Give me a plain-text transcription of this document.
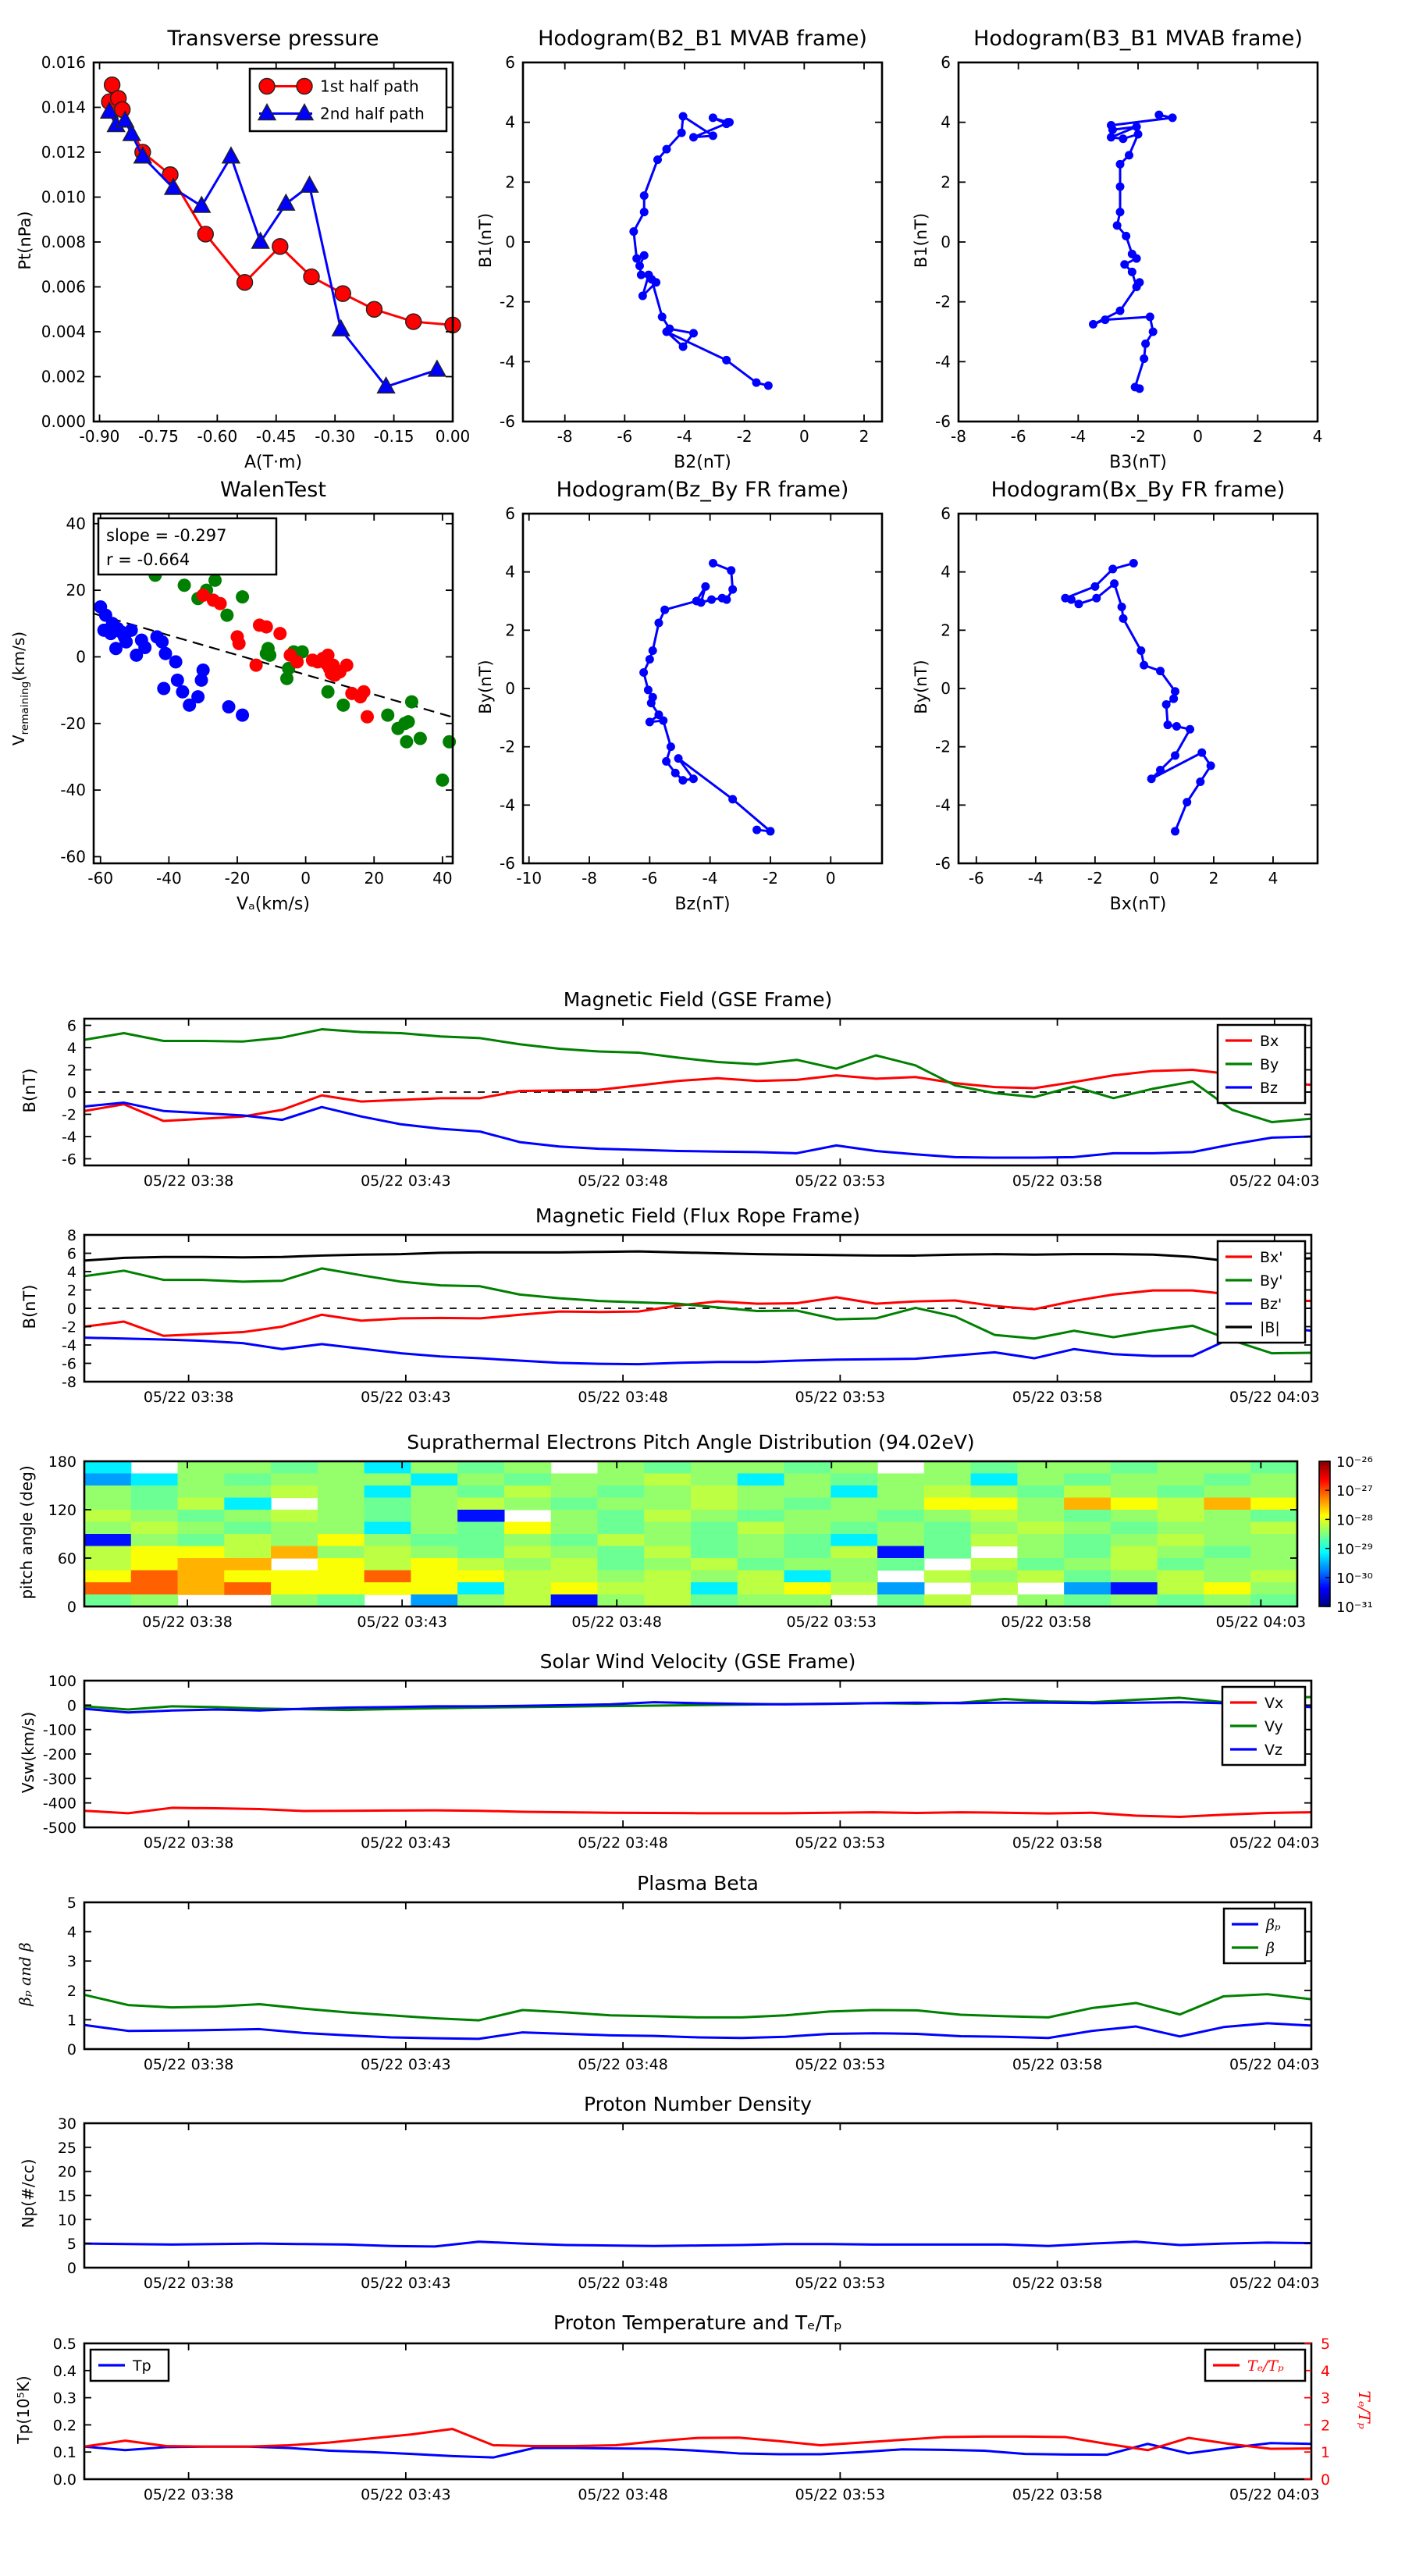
-0.90 -0.75 -0.60 -0.45 -0.30 -0.15 0.00
0.000
0.002
0.004
0.006
0.008
0.010
0.012
0.014
0.016
1st half path
2nd half path
-8	-6	-4	-2	0	2
-6
-4
-2
0
2
4
6
-8	-6	-4	-2	0	2	4
-6
-4
-2
0
2
4
6
-60	-40	-20	0	20	40
-60
-40
-20
0
20
40
slope = -0.297
r = -0.664
-10	-8	-6	-4	-2	0
-6
-4
-2
0
2
4
6
-6	-4	-2	0	2	4
-6
-4
-2
0
2
4
6
05/22 03:38	05/22 03:43	05/22 03:48	05/22 03:53	05/22 03:58	05/22 04:03
-6
-4
-2
0
2
4
6
Bx
By
Bz
05/22 03:38	05/22 03:43	05/22 03:48	05/22 03:53	05/22 03:58	05/22 04:03
-8
-6
-4
-2
0
2
4
6
8
Bx'
By'
Bz'
|B|
05/22 03:38	05/22 03:43	05/22 03:48	05/22 03:53	05/22 03:58	05/22 04:03
0
60
120
180	10⁻²⁶
10⁻²⁷
10⁻²⁸
10⁻²⁹
10⁻³⁰
10⁻³¹
05/22 03:38	05/22 03:43	05/22 03:48	05/22 03:53	05/22 03:58	05/22 04:03
-500
-400
-300
-200
-100
0
100
Vx
Vy
Vz
05/22 03:38	05/22 03:43	05/22 03:48	05/22 03:53	05/22 03:58	05/22 04:03
0
1
2
3
4
5
βₚ
β
05/22 03:38	05/22 03:43	05/22 03:48	05/22 03:53	05/22 03:58	05/22 04:03
0
5
10
15
20
25
30
05/22 03:38	05/22 03:43	05/22 03:48	05/22 03:53	05/22 03:58	05/22 04:03
0.0
0.1
0.2
0.3
0.4
0.5
0
1
2
3
4
5
Tp	Tₑ/Tₚ
Transverse pressure	Hodogram(B2_B1 MVAB frame)	Hodogram(B3_B1 MVAB frame)
WalenTest	Hodogram(Bz_By FR frame)	Hodogram(Bx_By FR frame)
Magnetic Field (GSE Frame)
Magnetic Field (Flux Rope Frame)
Suprathermal Electrons Pitch Angle Distribution (94.02eV)
Solar Wind Velocity (GSE Frame)
Plasma Beta
Proton Number Density
Proton Temperature and Tₑ/Tₚ
A(T·m)	B2(nT)	B3(nT)
Vₐ(km/s)	Bz(nT)	Bx(nT)
Pt(nPa)	B1(nT)	B1(nT)
$V_{remaining}(km/s)$
By(nT)	By(nT)
B(nT)
B(nT)
pitch angle (deg)
Vsw(km/s)
βₚ and β
Np(#/cc)
Tp(10⁵K)	Tₑ/Tₚ
